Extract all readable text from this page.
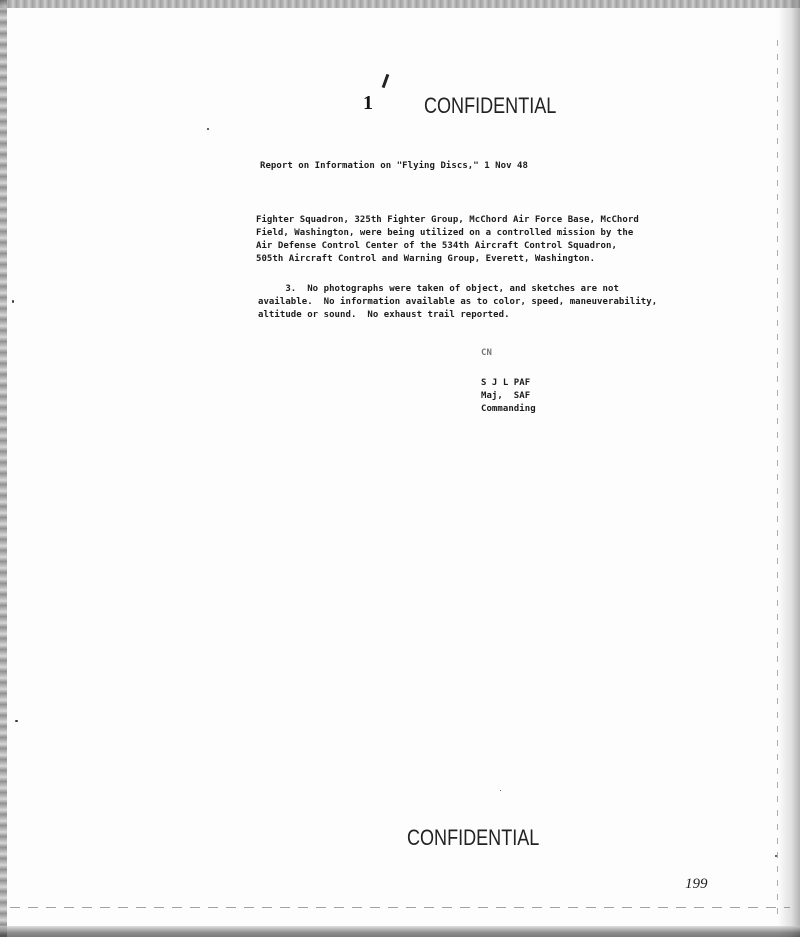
1 CONFIDENTIAL
Report on Information on "Flying Discs," 1 Nov 48
Fighter Squadron, 325th Fighter Group, McChord Air Force Base, McChord
Field, Washington, were being utilized on a controlled mission by the
Air Defense Control Center of the 534th Aircraft Control Squadron,
505th Aircraft Control and Warning Group, Everett, Washington.
3.  No photographs were taken of object, and sketches are not
available.  No information available as to color, speed, maneuverability,
altitude or sound.  No exhaust trail reported.
CN
S J L PAF
Maj,  SAF
Commanding
CONFIDENTIAL
199
